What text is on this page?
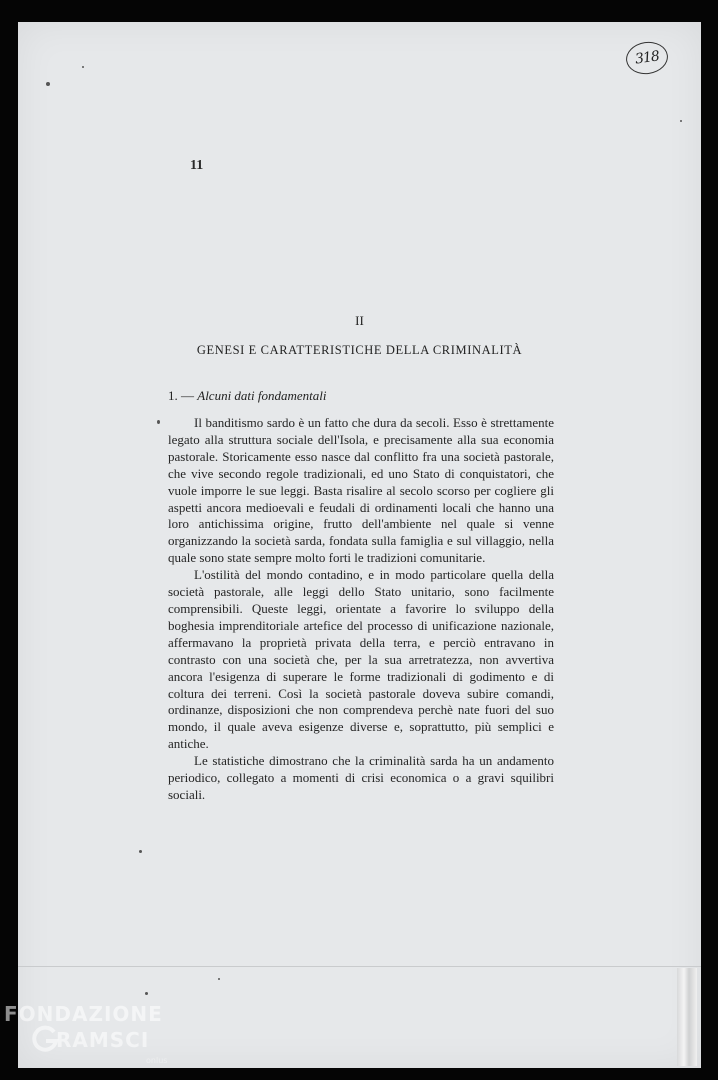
318
11
II
GENESI E CARATTERISTICHE DELLA CRIMINALITÀ
1. — Alcuni dati fondamentali

Il banditismo sardo è un fatto che dura da secoli. Esso è strettamente legato alla struttura sociale dell'Isola, e precisamente alla sua economia pastorale. Storicamente esso nasce dal conflitto fra una società pastorale, che vive secondo regole tradizionali, ed uno Stato di conquistatori, che vuole imporre le sue leggi. Basta risalire al secolo scorso per cogliere gli aspetti ancora medioevali e feudali di ordinamenti locali che hanno una loro antichissima origine, frutto dell'ambiente nel quale si venne organizzando la società sarda, fondata sulla famiglia e sul villaggio, nella quale sono state sempre molto forti le tradizioni comunitarie.

L'ostilità del mondo contadino, e in modo particolare quella della società pastorale, alle leggi dello Stato unitario, sono facilmente comprensibili. Queste leggi, orientate a favorire lo sviluppo della boghesia imprenditoriale artefice del processo di unificazione nazionale, affermavano la proprietà privata della terra, e perciò entravano in contrasto con una società che, per la sua arretratezza, non avvertiva ancora l'esigenza di superare le forme tradizionali di godimento e di coltura dei terreni. Così la società pastorale doveva subire comandi, ordinanze, disposizioni che non comprendeva perchè nate fuori del suo mondo, il quale aveva esigenze diverse e, soprattutto, più semplici e antiche.

Le statistiche dimostrano che la criminalità sarda ha un andamento periodico, collegato a momenti di crisi economica o a gravi squilibri sociali.

FONDAZIONE
RAMSCI
onlus
